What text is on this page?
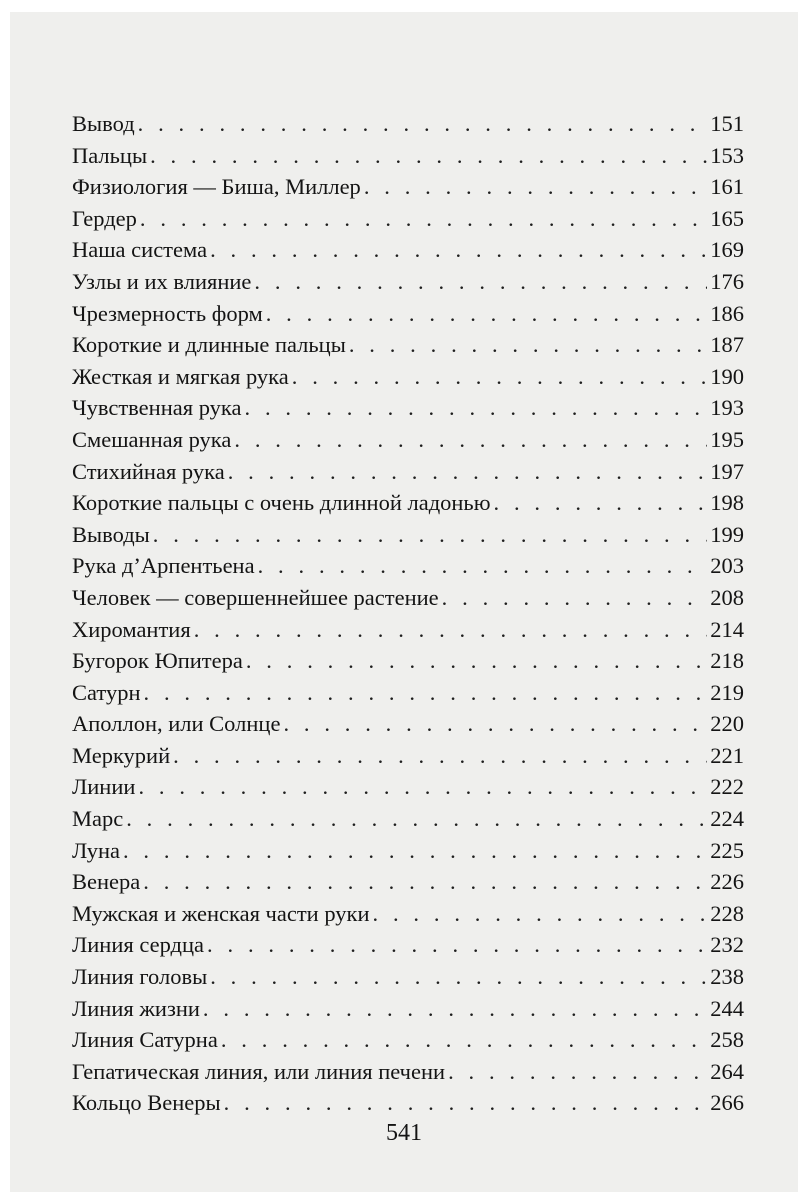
Вывод . . .	151
Пальцы . . .	153
Физиология — Биша, Миллер . . .	161
Гердер . . .	165
Наша система . . .	169
Узлы и их влияние . . .	176
Чрезмерность форм . . .	186
Короткие и длинные пальцы . . .	187
Жесткая и мягкая рука . . .	190
Чувственная рука . . .	193
Смешанная рука . . .	195
Стихийная рука . . .	197
Короткие пальцы с очень длинной ладонью . . .	198
Выводы . . .	199
Рука д’Арпентьена . . .	203
Человек — совершеннейшее растение . . .	208
Хиромантия . . .	214
Бугорок Юпитера . . .	218
Сатурн . . .	219
Аполлон, или Солнце . . .	220
Меркурий . . .	221
Линии . . .	222
Марс . . .	224
Луна . . .	225
Венера . . .	226
Мужская и женская части руки . . .	228
Линия сердца . . .	232
Линия головы . . .	238
Линия жизни . . .	244
Линия Сатурна . . .	258
Гепатическая линия, или линия печени . . .	264
Кольцо Венеры . . .	266
541
